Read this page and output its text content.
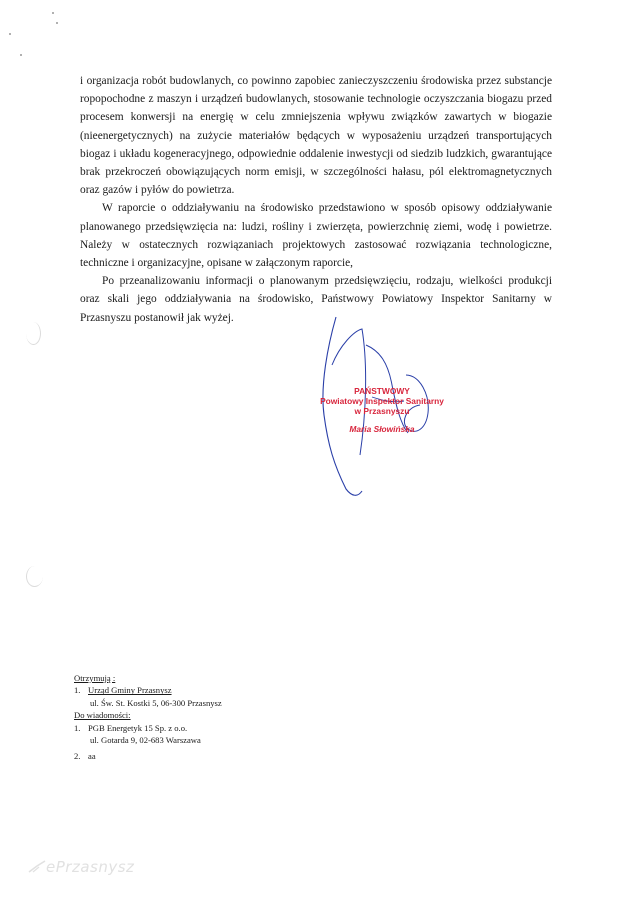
i organizacja robót budowlanych, co powinno zapobiec zanieczyszczeniu środowiska przez substancje ropopochodne z maszyn i urządzeń budowlanych, stosowanie technologie oczyszczania biogazu przed procesem konwersji na energię w celu zmniejszenia wpływu związków zawartych w biogazie (nieenergetycznych) na zużycie materiałów będących w wyposażeniu urządzeń transportujących biogaz i układu kogeneracyjnego, odpowiednie oddalenie inwestycji od siedzib ludzkich, gwarantujące brak przekroczeń obowiązujących norm emisji, w szczególności hałasu, pól elektromagnetycznych oraz gazów i pyłów do powietrza.

W raporcie o oddziaływaniu na środowisko przedstawiono w sposób opisowy oddziaływanie planowanego przedsięwzięcia na: ludzi, rośliny i zwierzęta, powierzchnię ziemi, wodę i powietrze. Należy w ostatecznych rozwiązaniach projektowych zastosować rozwiązania technologiczne, techniczne i organizacyjne, opisane w załączonym raporcie,

Po przeanalizowaniu informacji o planowanym przedsięwzięciu, rodzaju, wielkości produkcji oraz skali jego oddziaływania na środowisko, Państwowy Powiatowy Inspektor Sanitarny w Przasnyszu postanowił jak wyżej.

PAŃSTWOWY
Powiatowy Inspektor Sanitarny
w Przasnyszu
Maria Słowińska
Otrzymują :
1. Urząd Gminy Przasnysz
ul. Św. St. Kostki 5, 06-300 Przasnysz
Do wiadomości:
1. PGB Energetyk 15 Sp. z o.o.
ul. Gotarda 9, 02-683 Warszawa
2. aa
ePrzasnysz
